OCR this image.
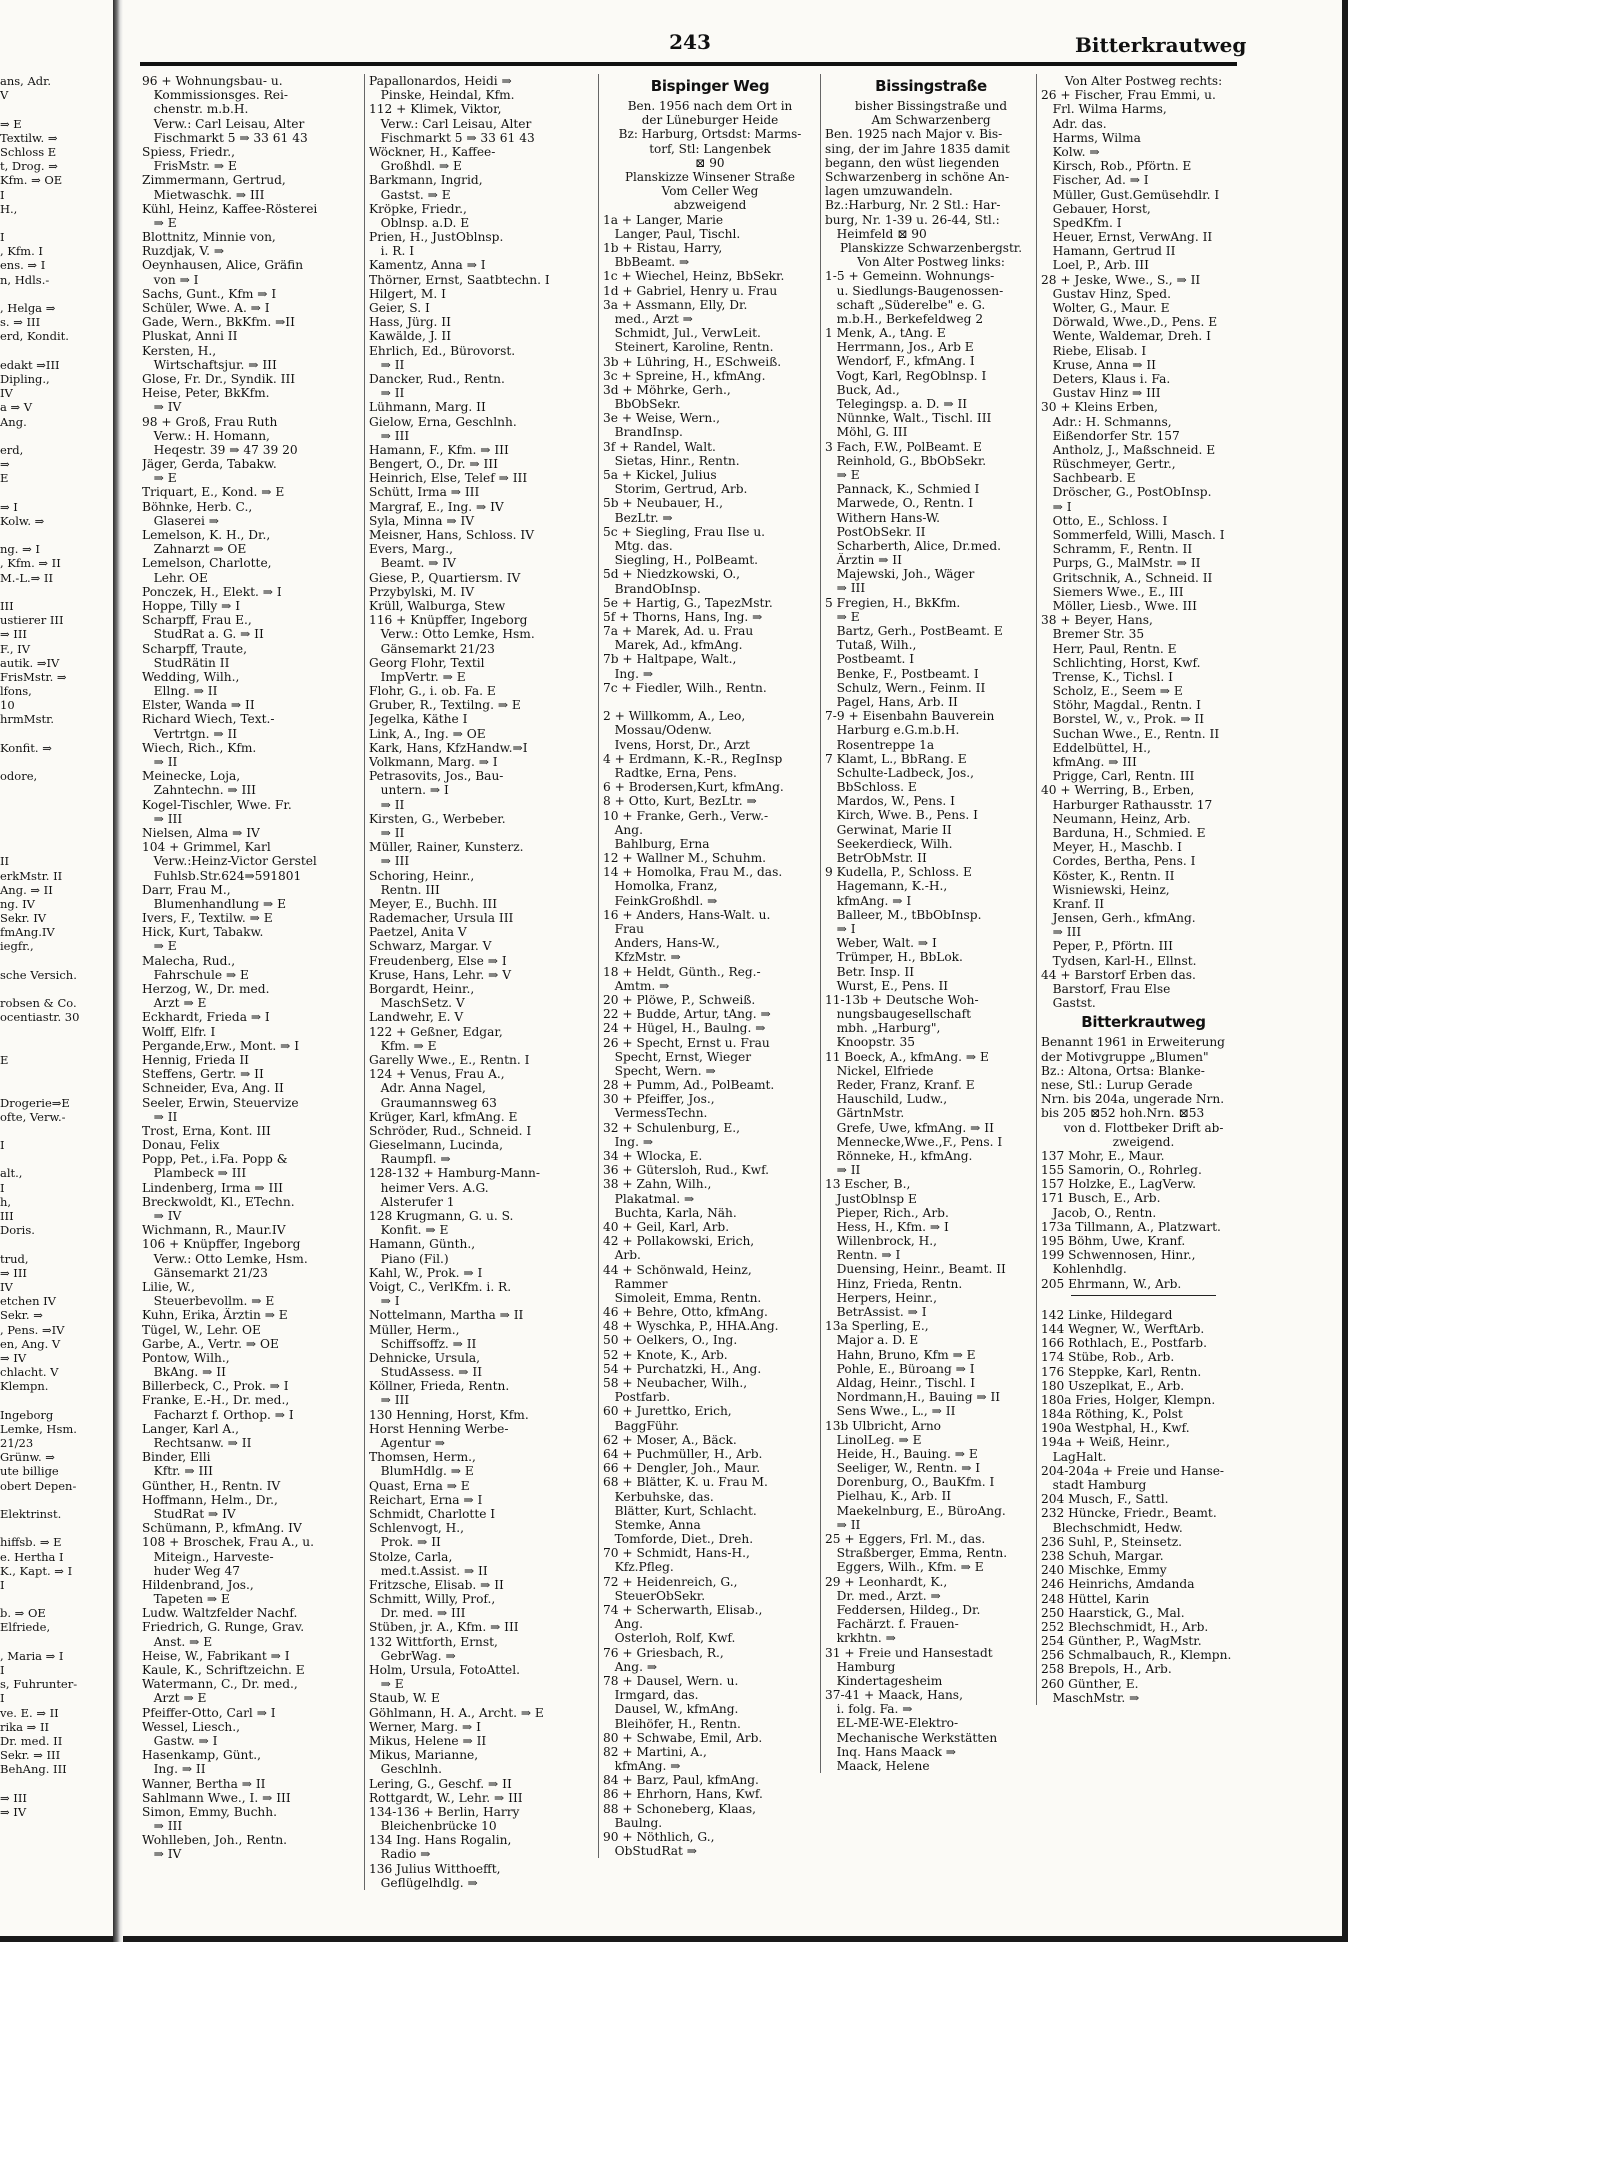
243	Bitterkrautweg
ans, Adr.
V
⇒ E
Textilw. ⇒
Schloss E
t, Drog. ⇒
Kfm. ⇒ OE
I
H.,
I
, Kfm. I
ens. ⇒ I
n, Hdls.-
, Helga ⇒
s. ⇒ III
erd, Kondit.
edakt ⇒III
Dipling.,
IV
a ⇒ V
Ang.
erd,
⇒
E
⇒ I
Kolw. ⇒
ng. ⇒ I
, Kfm. ⇒ II
M.-L.⇒ II
III
ustierer III
⇒ III
F., IV
autik. ⇒IV
FrisMstr. ⇒
lfons,
10
hrmMstr.
Konfit. ⇒
odore,
II
erkMstr. II
Ang. ⇒ II
ng. IV
Sekr. IV
fmAng.IV
iegfr.,
sche Versich.
robsen & Co.
ocentiastr. 30
E
Drogerie⇒E
ofte, Verw.-
I
alt.,
I
h,
III
Doris.
trud,
⇒ III
IV
etchen IV
Sekr. ⇒
, Pens. ⇒IV
en, Ang. V
⇒ IV
chlacht. V
Klempn.
Ingeborg
Lemke, Hsm.
21/23
Grünw. ⇒
ute billige
obert Depen-
Elektrinst.
hiffsb. ⇒ E
e. Hertha I
K., Kapt. ⇒ I
I
b. ⇒ OE
Elfriede,
, Maria ⇒ I
I
s, Fuhrunter-
I
ve. E. ⇒ II
rika ⇒ II
Dr. med. II
Sekr. ⇒ III
BehAng. III
⇒ III
⇒ IV
96 + Wohnungsbau- u.
Kommissionsges. Rei-
chenstr. m.b.H.
Verw.: Carl Leisau, Alter
Fischmarkt 5 ⇒ 33 61 43
Spiess, Friedr.,
FrisMstr. ⇒ E
Zimmermann, Gertrud,
Mietwaschk. ⇒ III
Kühl, Heinz, Kaffee-Rösterei
⇒ E
Blottnitz, Minnie von,
Ruzdjak, V. ⇒
Oeynhausen, Alice, Gräfin
von ⇒ I
Sachs, Gunt., Kfm ⇒ I
Schüler, Wwe. A. ⇒ I
Gade, Wern., BkKfm. ⇒II
Pluskat, Anni II
Kersten, H.,
Wirtschaftsjur. ⇒ III
Glose, Fr. Dr., Syndik. III
Heise, Peter, BkKfm.
⇒ IV
98 + Groß, Frau Ruth
Verw.: H. Homann,
Heqestr. 39 ⇒ 47 39 20
Jäger, Gerda, Tabakw.
⇒ E
Triquart, E., Kond. ⇒ E
Böhnke, Herb. C.,
Glaserei ⇒
Lemelson, K. H., Dr.,
Zahnarzt ⇒ OE
Lemelson, Charlotte,
Lehr. OE
Ponczek, H., Elekt. ⇒ I
Hoppe, Tilly ⇒ I
Scharpff, Frau E.,
StudRat a. G. ⇒ II
Scharpff, Traute,
StudRätin II
Wedding, Wilh.,
Ellng. ⇒ II
Elster, Wanda ⇒ II
Richard Wiech, Text.-
Vertrtgn. ⇒ II
Wiech, Rich., Kfm.
⇒ II
Meinecke, Loja,
Zahntechn. ⇒ III
Kogel-Tischler, Wwe. Fr.
⇒ III
Nielsen, Alma ⇒ IV
104 + Grimmel, Karl
Verw.:Heinz-Victor Gerstel
Fuhlsb.Str.624⇒591801
Darr, Frau M.,
Blumenhandlung ⇒ E
Ivers, F., Textilw. ⇒ E
Hick, Kurt, Tabakw.
⇒ E
Malecha, Rud.,
Fahrschule ⇒ E
Herzog, W., Dr. med.
Arzt ⇒ E
Eckhardt, Frieda ⇒ I
Wolff, Elfr. I
Pergande,Erw., Mont. ⇒ I
Hennig, Frieda II
Steffens, Gertr. ⇒ II
Schneider, Eva, Ang. II
Seeler, Erwin, Steuervize
⇒ II
Trost, Erna, Kont. III
Donau, Felix
Popp, Pet., i.Fa. Popp &
Plambeck ⇒ III
Lindenberg, Irma ⇒ III
Breckwoldt, Kl., ETechn.
⇒ IV
Wichmann, R., Maur.IV
106 + Knüpffer, Ingeborg
Verw.: Otto Lemke, Hsm.
Gänsemarkt 21/23
Lilie, W.,
Steuerbevollm. ⇒ E
Kuhn, Erika, Ärztin ⇒ E
Tügel, W., Lehr. OE
Garbe, A., Vertr. ⇒ OE
Pontow, Wilh.,
BkAng. ⇒ II
Billerbeck, C., Prok. ⇒ I
Franke, E.-H., Dr. med.,
Facharzt f. Orthop. ⇒ I
Langer, Karl A.,
Rechtsanw. ⇒ II
Binder, Elli
Kftr. ⇒ III
Günther, H., Rentn. IV
Hoffmann, Helm., Dr.,
StudRat ⇒ IV
Schümann, P., kfmAng. IV
108 + Broschek, Frau A., u.
Miteign., Harveste-
huder Weg 47
Hildenbrand, Jos.,
Tapeten ⇒ E
Ludw. Waltzfelder Nachf.
Friedrich, G. Runge, Grav.
Anst. ⇒ E
Heise, W., Fabrikant ⇒ I
Kaule, K., Schriftzeichn. E
Watermann, C., Dr. med.,
Arzt ⇒ E
Pfeiffer-Otto, Carl ⇒ I
Wessel, Liesch.,
Gastw. ⇒ I
Hasenkamp, Günt.,
Ing. ⇒ II
Wanner, Bertha ⇒ II
Sahlmann Wwe., I. ⇒ III
Simon, Emmy, Buchh.
⇒ III
Wohlleben, Joh., Rentn.
⇒ IV
Papallonardos, Heidi ⇒
Pinske, Heindal, Kfm.
112 + Klimek, Viktor,
Verw.: Carl Leisau, Alter
Fischmarkt 5 ⇒ 33 61 43
Wöckner, H., Kaffee-
Großhdl. ⇒ E
Barkmann, Ingrid,
Gastst. ⇒ E
Kröpke, Friedr.,
Oblnsp. a.D. E
Prien, H., JustOblnsp.
i. R. I
Kamentz, Anna ⇒ I
Thörner, Ernst, Saatbtechn. I
Hilgert, M. I
Geier, S. I
Hass, Jürg. II
Kawälde, J. II
Ehrlich, Ed., Bürovorst.
⇒ II
Dancker, Rud., Rentn.
⇒ II
Lühmann, Marg. II
Gielow, Erna, Geschlnh.
⇒ III
Hamann, F., Kfm. ⇒ III
Bengert, O., Dr. ⇒ III
Heinrich, Else, Telef ⇒ III
Schütt, Irma ⇒ III
Margraf, E., Ing. ⇒ IV
Syla, Minna ⇒ IV
Meisner, Hans, Schloss. IV
Evers, Marg.,
Beamt. ⇒ IV
Giese, P., Quartiersm. IV
Przybylski, M. IV
Krüll, Walburga, Stew
116 + Knüpffer, Ingeborg
Verw.: Otto Lemke, Hsm.
Gänsemarkt 21/23
Georg Flohr, Textil
ImpVertr. ⇒ E
Flohr, G., i. ob. Fa. E
Gruber, R., Textilng. ⇒ E
Jegelka, Käthe I
Link, A., Ing. ⇒ OE
Kark, Hans, KfzHandw.⇒I
Volkmann, Marg. ⇒ I
Petrasovits, Jos., Bau-
untern. ⇒ I
⇒ II
Kirsten, G., Werbeber.
⇒ II
Müller, Rainer, Kunsterz.
⇒ III
Schoring, Heinr.,
Rentn. III
Meyer, E., Buchh. III
Rademacher, Ursula III
Paetzel, Anita V
Schwarz, Margar. V
Freudenberg, Else ⇒ I
Kruse, Hans, Lehr. ⇒ V
Borgardt, Heinr.,
MaschSetz. V
Landwehr, E. V
122 + Geßner, Edgar,
Kfm. ⇒ E
Garelly Wwe., E., Rentn. I
124 + Venus, Frau A.,
Adr. Anna Nagel,
Graumannsweg 63
Krüger, Karl, kfmAng. E
Schröder, Rud., Schneid. I
Gieselmann, Lucinda,
Raumpfl. ⇒
128-132 + Hamburg-Mann-
heimer Vers. A.G.
Alsterufer 1
128 Krugmann, G. u. S.
Konfit. ⇒ E
Hamann, Günth.,
Piano (Fil.)
Kahl, W., Prok. ⇒ I
Voigt, C., VerlKfm. i. R.
⇒ I
Nottelmann, Martha ⇒ II
Müller, Herm.,
Schiffsoffz. ⇒ II
Dehnicke, Ursula,
StudAssess. ⇒ II
Köllner, Frieda, Rentn.
⇒ III
130 Henning, Horst, Kfm.
Horst Henning Werbe-
Agentur ⇒
Thomsen, Herm.,
BlumHdlg. ⇒ E
Quast, Erna ⇒ E
Reichart, Erna ⇒ I
Schmidt, Charlotte I
Schlenvogt, H.,
Prok. ⇒ II
Stolze, Carla,
med.t.Assist. ⇒ II
Fritzsche, Elisab. ⇒ II
Schmitt, Willy, Prof.,
Dr. med. ⇒ III
Stüben, jr. A., Kfm. ⇒ III
132 Wittforth, Ernst,
GebrWag. ⇒
Holm, Ursula, FotoAttel.
⇒ E
Staub, W. E
Göhlmann, H. A., Archt. ⇒ E
Werner, Marg. ⇒ I
Mikus, Helene ⇒ II
Mikus, Marianne,
Geschlnh.
Lering, G., Geschf. ⇒ II
Rottgardt, W., Lehr. ⇒ III
134-136 + Berlin, Harry
Bleichenbrücke 10
134 Ing. Hans Rogalin,
Radio ⇒
136 Julius Witthoefft,
Geflügelhdlg. ⇒
Bispinger Weg
Ben. 1956 nach dem Ort in
der Lüneburger Heide
Bz: Harburg, Ortsdst: Marms-
torf, Stl: Langenbek
⊠ 90
Planskizze Winsener Straße
Vom Celler Weg
abzweigend
1a + Langer, Marie
Langer, Paul, Tischl.
1b + Ristau, Harry,
BbBeamt. ⇒
1c + Wiechel, Heinz, BbSekr.
1d + Gabriel, Henry u. Frau
3a + Assmann, Elly, Dr.
med., Arzt ⇒
Schmidt, Jul., VerwLeit.
Steinert, Karoline, Rentn.
3b + Lühring, H., ESchweiß.
3c + Spreine, H., kfmAng.
3d + Möhrke, Gerh.,
BbObSekr.
3e + Weise, Wern.,
BrandInsp.
3f + Randel, Walt.
Sietas, Hinr., Rentn.
5a + Kickel, Julius
Storim, Gertrud, Arb.
5b + Neubauer, H.,
BezLtr. ⇒
5c + Siegling, Frau Ilse u.
Mtg. das.
Siegling, H., PolBeamt.
5d + Niedzkowski, O.,
BrandObInsp.
5e + Hartig, G., TapezMstr.
5f + Thorns, Hans, Ing. ⇒
7a + Marek, Ad. u. Frau
Marek, Ad., kfmAng.
7b + Haltpape, Walt.,
Ing. ⇒
7c + Fiedler, Wilh., Rentn.
2 + Willkomm, A., Leo,
Mossau/Odenw.
Ivens, Horst, Dr., Arzt
4 + Erdmann, K.-R., RegInsp
Radtke, Erna, Pens.
6 + Brodersen,Kurt, kfmAng.
8 + Otto, Kurt, BezLtr. ⇒
10 + Franke, Gerh., Verw.-
Ang.
Bahlburg, Erna
12 + Wallner M., Schuhm.
14 + Homolka, Frau M., das.
Homolka, Franz,
FeinkGroßhdl. ⇒
16 + Anders, Hans-Walt. u.
Frau
Anders, Hans-W.,
KfzMstr. ⇒
18 + Heldt, Günth., Reg.-
Amtm. ⇒
20 + Plöwe, P., Schweiß.
22 + Budde, Artur, tAng. ⇒
24 + Hügel, H., Baulng. ⇒
26 + Specht, Ernst u. Frau
Specht, Ernst, Wieger
Specht, Wern. ⇒
28 + Pumm, Ad., PolBeamt.
30 + Pfeiffer, Jos.,
VermessTechn.
32 + Schulenburg, E.,
Ing. ⇒
34 + Wlocka, E.
36 + Gütersloh, Rud., Kwf.
38 + Zahn, Wilh.,
Plakatmal. ⇒
Buchta, Karla, Näh.
40 + Geil, Karl, Arb.
42 + Pollakowski, Erich,
Arb.
44 + Schönwald, Heinz,
Rammer
Simoleit, Emma, Rentn.
46 + Behre, Otto, kfmAng.
48 + Wyschka, P., HHA.Ang.
50 + Oelkers, O., Ing.
52 + Knote, K., Arb.
54 + Purchatzki, H., Ang.
58 + Neubacher, Wilh.,
Postfarb.
60 + Jurettko, Erich,
BaggFühr.
62 + Moser, A., Bäck.
64 + Puchmüller, H., Arb.
66 + Dengler, Joh., Maur.
68 + Blätter, K. u. Frau M.
Kerbuhske, das.
Blätter, Kurt, Schlacht.
Stemke, Anna
Tomforde, Diet., Dreh.
70 + Schmidt, Hans-H.,
Kfz.Pfleg.
72 + Heidenreich, G.,
SteuerObSekr.
74 + Scherwarth, Elisab.,
Ang.
Osterloh, Rolf, Kwf.
76 + Griesbach, R.,
Ang. ⇒
78 + Dausel, Wern. u.
Irmgard, das.
Dausel, W., kfmAng.
Bleihöfer, H., Rentn.
80 + Schwabe, Emil, Arb.
82 + Martini, A.,
kfmAng. ⇒
84 + Barz, Paul, kfmAng.
86 + Ehrhorn, Hans, Kwf.
88 + Schoneberg, Klaas,
Baulng.
90 + Nöthlich, G.,
ObStudRat ⇒
Bissingstraße
bisher Bissingstraße und
Am Schwarzenberg
Ben. 1925 nach Major v. Bis-
sing, der im Jahre 1835 damit
begann, den wüst liegenden
Schwarzenberg in schöne An-
lagen umzuwandeln.
Bz.:Harburg, Nr. 2 Stl.: Har-
burg, Nr. 1-39 u. 26-44, Stl.:
Heimfeld ⊠ 90
Planskizze Schwarzenbergstr.
Von Alter Postweg links:
1-5 + Gemeinn. Wohnungs-
u. Siedlungs-Baugenossen-
schaft „Süderelbe" e. G.
m.b.H., Berkefeldweg 2
1 Menk, A., tAng. E
Herrmann, Jos., Arb E
Wendorf, F., kfmAng. I
Vogt, Karl, RegOblnsp. I
Buck, Ad.,
Telegingsp. a. D. ⇒ II
Nünnke, Walt., Tischl. III
Möhl, G. III
3 Fach, F.W., PolBeamt. E
Reinhold, G., BbObSekr.
⇒ E
Pannack, K., Schmied I
Marwede, O., Rentn. I
Withern Hans-W.
PostObSekr. II
Scharberth, Alice, Dr.med.
Ärztin ⇒ II
Majewski, Joh., Wäger
⇒ III
5 Fregien, H., BkKfm.
⇒ E
Bartz, Gerh., PostBeamt. E
Tutaß, Wilh.,
Postbeamt. I
Benke, F., Postbeamt. I
Schulz, Wern., Feinm. II
Pagel, Hans, Arb. II
7-9 + Eisenbahn Bauverein
Harburg e.G.m.b.H.
Rosentreppe 1a
7 Klamt, L., BbRang. E
Schulte-Ladbeck, Jos.,
BbSchloss. E
Mardos, W., Pens. I
Kirch, Wwe. B., Pens. I
Gerwinat, Marie II
Seekerdieck, Wilh.
BetrObMstr. II
9 Kudella, P., Schloss. E
Hagemann, K.-H.,
kfmAng. ⇒ I
Balleer, M., tBbObInsp.
⇒ I
Weber, Walt. ⇒ I
Trümper, H., BbLok.
Betr. Insp. II
Wurst, E., Pens. II
11-13b + Deutsche Woh-
nungsbaugesellschaft
mbh. „Harburg",
Knoopstr. 35
11 Boeck, A., kfmAng. ⇒ E
Nickel, Elfriede
Reder, Franz, Kranf. E
Hauschild, Ludw.,
GärtnMstr.
Grefe, Uwe, kfmAng. ⇒ II
Mennecke,Wwe.,F., Pens. I
Rönneke, H., kfmAng.
⇒ II
13 Escher, B.,
JustOblnsp E
Pieper, Rich., Arb.
Hess, H., Kfm. ⇒ I
Willenbrock, H.,
Rentn. ⇒ I
Duensing, Heinr., Beamt. II
Hinz, Frieda, Rentn.
Herpers, Heinr.,
BetrAssist. ⇒ I
13a Sperling, E.,
Major a. D. E
Hahn, Bruno, Kfm ⇒ E
Pohle, E., Büroang ⇒ I
Aldag, Heinr., Tischl. I
Nordmann,H., Bauing ⇒ II
Sens Wwe., L., ⇒ II
13b Ulbricht, Arno
LinolLeg. ⇒ E
Heide, H., Bauing. ⇒ E
Seeliger, W., Rentn. ⇒ I
Dorenburg, O., BauKfm. I
Pielhau, K., Arb. II
Maekelnburg, E., BüroAng.
⇒ II
25 + Eggers, Frl. M., das.
Straßberger, Emma, Rentn.
Eggers, Wilh., Kfm. ⇒ E
29 + Leonhardt, K.,
Dr. med., Arzt. ⇒
Feddersen, Hildeg., Dr.
Fachärzt. f. Frauen-
krkhtn. ⇒
31 + Freie und Hansestadt
Hamburg
Kindertagesheim
37-41 + Maack, Hans,
i. folg. Fa. ⇒
EL-ME-WE-Elektro-
Mechanische Werkstätten
Inq. Hans Maack ⇒
Maack, Helene
Von Alter Postweg rechts:
26 + Fischer, Frau Emmi, u.
Frl. Wilma Harms,
Adr. das.
Harms, Wilma
Kolw. ⇒
Kirsch, Rob., Pförtn. E
Fischer, Ad. ⇒ I
Müller, Gust.Gemüsehdlr. I
Gebauer, Horst,
SpedKfm. I
Heuer, Ernst, VerwAng. II
Hamann, Gertrud II
Loel, P., Arb. III
28 + Jeske, Wwe., S., ⇒ II
Gustav Hinz, Sped.
Wolter, G., Maur. E
Dörwald, Wwe.,D., Pens. E
Wente, Waldemar, Dreh. I
Riebe, Elisab. I
Kruse, Anna ⇒ II
Deters, Klaus i. Fa.
Gustav Hinz ⇒ III
30 + Kleins Erben,
Adr.: H. Schmanns,
Eißendorfer Str. 157
Antholz, J., Maßschneid. E
Rüschmeyer, Gertr.,
Sachbearb. E
Dröscher, G., PostObInsp.
⇒ I
Otto, E., Schloss. I
Sommerfeld, Willi, Masch. I
Schramm, F., Rentn. II
Purps, G., MalMstr. ⇒ II
Gritschnik, A., Schneid. II
Siemers Wwe., E., III
Möller, Liesb., Wwe. III
38 + Beyer, Hans,
Bremer Str. 35
Herr, Paul, Rentn. E
Schlichting, Horst, Kwf.
Trense, K., Tichsl. I
Scholz, E., Seem ⇒ E
Stöhr, Magdal., Rentn. I
Borstel, W., v., Prok. ⇒ II
Suchan Wwe., E., Rentn. II
Eddelbüttel, H.,
kfmAng. ⇒ III
Prigge, Carl, Rentn. III
40 + Werring, B., Erben,
Harburger Rathausstr. 17
Neumann, Heinz, Arb.
Barduna, H., Schmied. E
Meyer, H., Maschb. I
Cordes, Bertha, Pens. I
Köster, K., Rentn. II
Wisniewski, Heinz,
Kranf. II
Jensen, Gerh., kfmAng.
⇒ III
Peper, P., Pförtn. III
Tydsen, Karl-H., Ellnst.
44 + Barstorf Erben das.
Barstorf, Frau Else
Gastst.
Bitterkrautweg
Benannt 1961 in Erweiterung
der Motivgruppe „Blumen"
Bz.: Altona, Ortsa: Blanke-
nese, Stl.: Lurup Gerade
Nrn. bis 204a, ungerade Nrn.
bis 205 ⊠52 hoh.Nrn. ⊠53
von d. Flottbeker Drift ab-
zweigend.
137 Mohr, E., Maur.
155 Samorin, O., Rohrleg.
157 Holzke, E., LagVerw.
171 Busch, E., Arb.
Jacob, O., Rentn.
173a Tillmann, A., Platzwart.
195 Böhm, Uwe, Kranf.
199 Schwennosen, Hinr.,
Kohlenhdlg.
205 Ehrmann, W., Arb.
142 Linke, Hildegard
144 Wegner, W., WerftArb.
166 Rothlach, E., Postfarb.
174 Stübe, Rob., Arb.
176 Steppke, Karl, Rentn.
180 Uszeplkat, E., Arb.
180a Fries, Holger, Klempn.
184a Röthing, K., Polst
190a Westphal, H., Kwf.
194a + Weiß, Heinr.,
LagHalt.
204-204a + Freie und Hanse-
stadt Hamburg
204 Musch, F., Sattl.
232 Hüncke, Friedr., Beamt.
Blechschmidt, Hedw.
236 Suhl, P., Steinsetz.
238 Schuh, Margar.
240 Mischke, Emmy
246 Heinrichs, Amdanda
248 Hüttel, Karin
250 Haarstick, G., Mal.
252 Blechschmidt, H., Arb.
254 Günther, P., WagMstr.
256 Schmalbauch, R., Klempn.
258 Brepols, H., Arb.
260 Günther, E.
MaschMstr. ⇒
